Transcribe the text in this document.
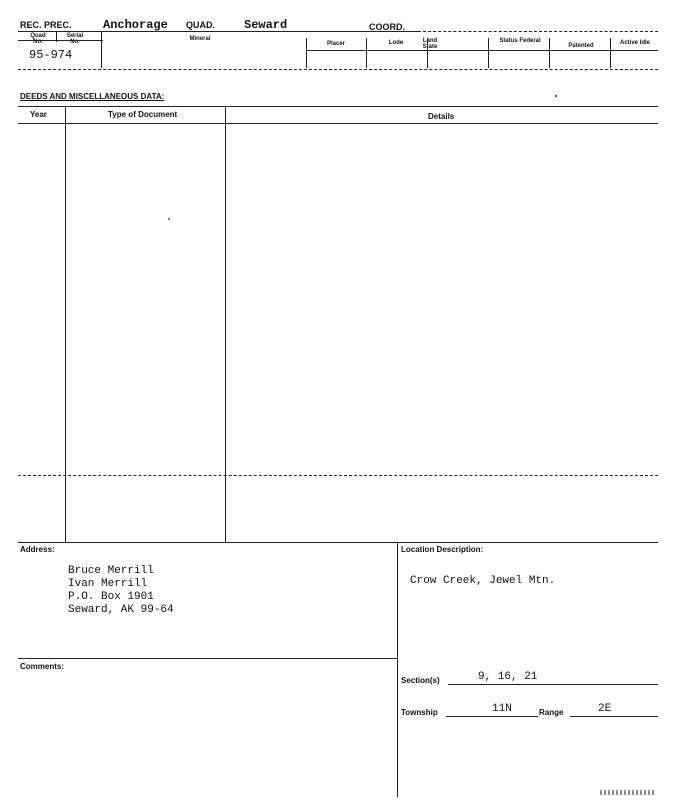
REC. PREC.	Anchorage QUAD. Seward	COORD.
Quad No.
Serial No.	Mineral
Placer	Lode	Land State
Status Federal
Patented	Active Idle
95-974
DEEDS AND MISCELLANEOUS DATA:
Year	Type of Document	Details
Address:
Bruce Merrill
Ivan Merrill
P.O. Box 1901
Seward, AK 99-64
Location Description:
Crow Creek, Jewel Mtn.
Comments:
Section(s)	9, 16, 21
Township	11N	Range	2E
